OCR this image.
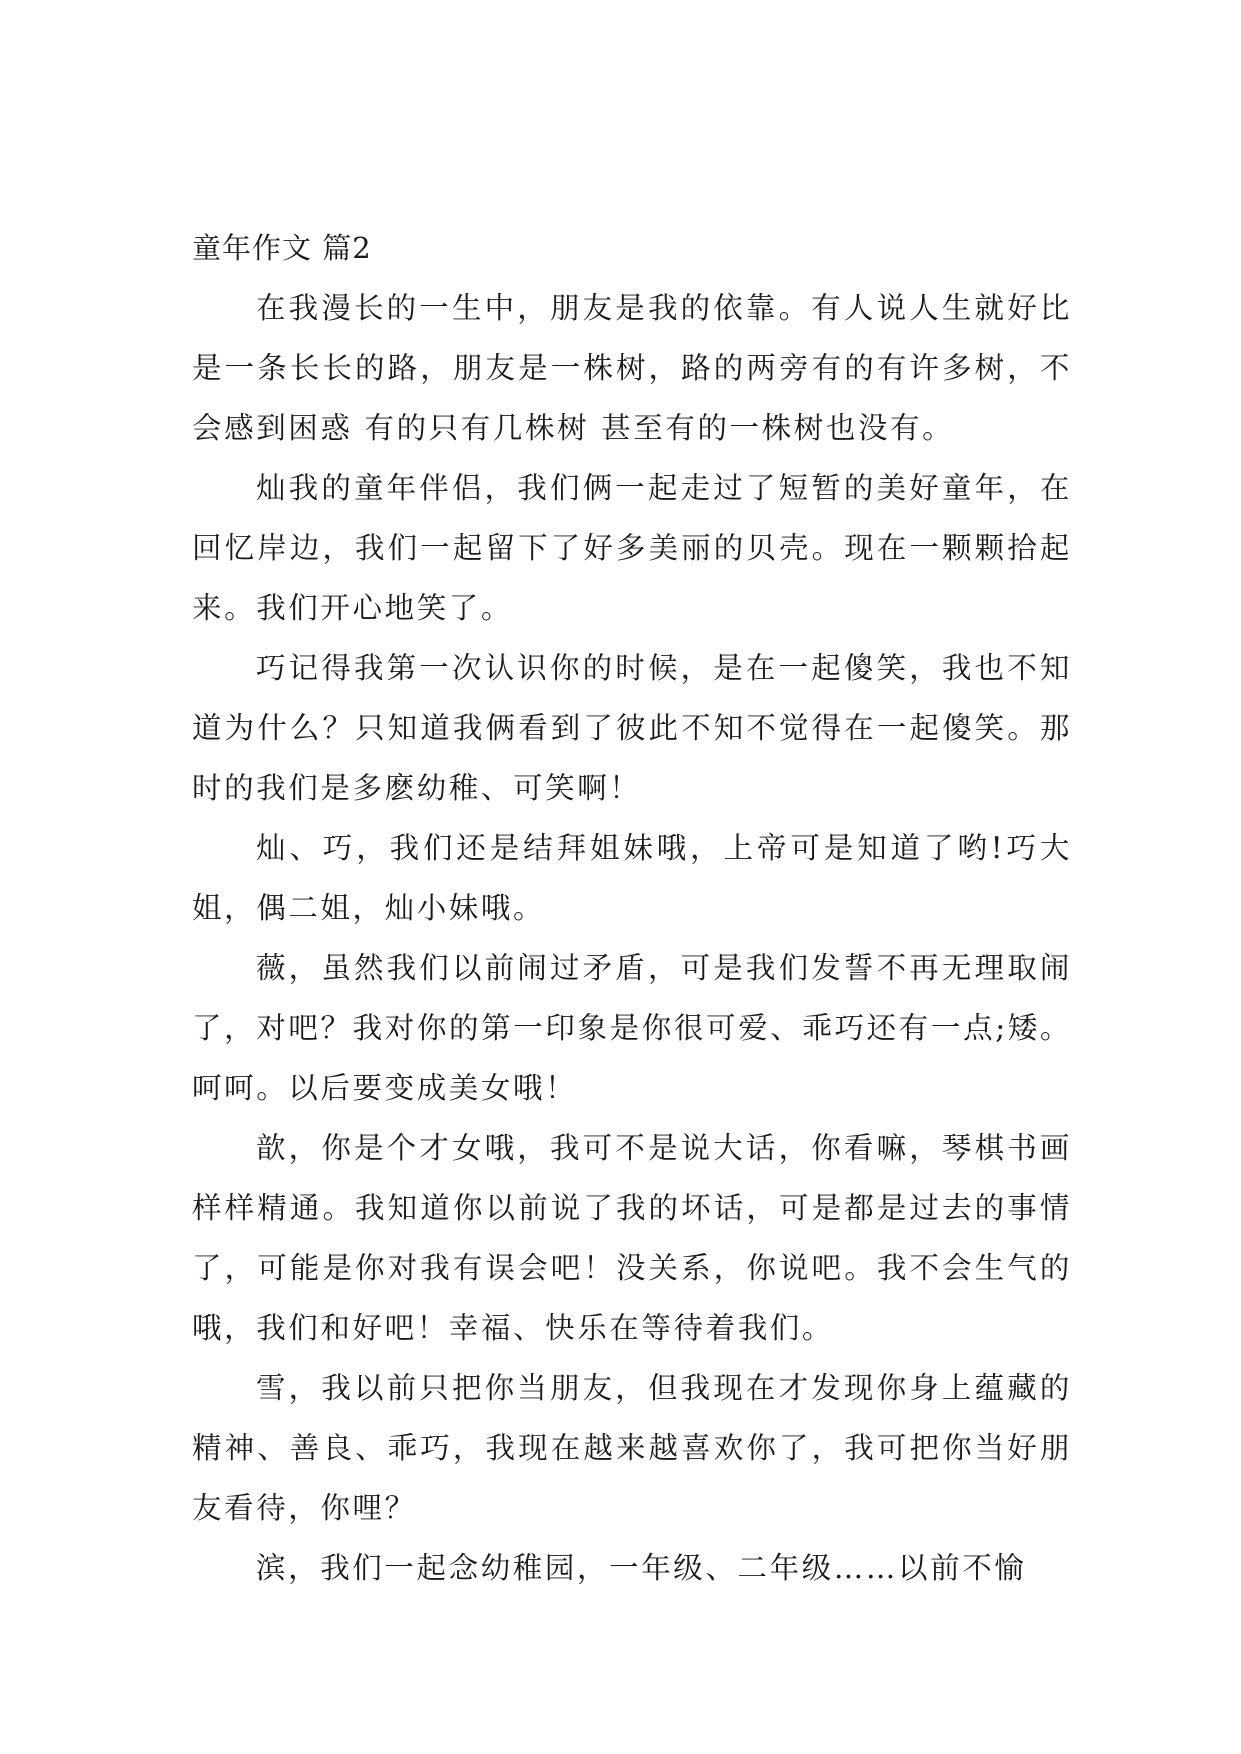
童年作文 篇2

在我漫长的一生中，朋友是我的依靠。有人说人生就好比是一条长长的路，朋友是一株树，路的两旁有的有许多树，不会感到困惑 有的只有几株树 甚至有的一株树也没有。

灿我的童年伴侣，我们俩一起走过了短暂的美好童年，在回忆岸边，我们一起留下了好多美丽的贝壳。现在一颗颗拾起来。我们开心地笑了。

巧记得我第一次认识你的时候，是在一起傻笑，我也不知道为什么？只知道我俩看到了彼此不知不觉得在一起傻笑。那时的我们是多麽幼稚、可笑啊！

灿、巧，我们还是结拜姐妹哦，上帝可是知道了哟!巧大姐，偶二姐，灿小妹哦。

薇，虽然我们以前闹过矛盾，可是我们发誓不再无理取闹了，对吧？我对你的第一印象是你很可爱、乖巧还有一点;矮。呵呵。以后要变成美女哦！

歆，你是个才女哦，我可不是说大话，你看嘛，琴棋书画样样精通。我知道你以前说了我的坏话，可是都是过去的事情了，可能是你对我有误会吧！没关系，你说吧。我不会生气的哦，我们和好吧！幸福、快乐在等待着我们。

雪，我以前只把你当朋友，但我现在才发现你身上蕴藏的精神、善良、乖巧，我现在越来越喜欢你了，我可把你当好朋友看待，你哩？

滨，我们一起念幼稚园，一年级、二年级……以前不愉
